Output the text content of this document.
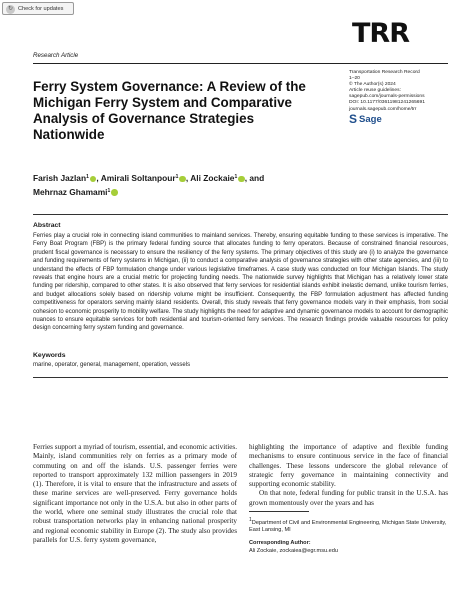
↻ Check for updates
Research Article
TRR
Transportation Research Record
1–20
© The Author(s) 2024
Article reuse guidelines:
sagepub.com/journals-permissions
DOI: 10.1177/03611981241265691
journals.sagepub.com/home/trr
S Sage
Ferry System Governance: A Review of the Michigan Ferry System and Comparative Analysis of Governance Strategies Nationwide
Farish Jazlan$^1$ , Amirali Soltanpour$^1$ , Ali Zockaie$^1$ , and
Mehrnaz Ghamami$^1$
Abstract
Ferries play a crucial role in connecting island communities to mainland services. Thereby, ensuring equitable funding to these services is imperative. The Ferry Boat Program (FBP) is the primary federal funding source that allocates funding to ferry operators. Because of constrained financial resources, prudent fiscal governance is necessary to ensure the resiliency of the ferry systems. The primary objectives of this study are (i) to analyze the governance and funding requirements of ferry systems in Michigan, (ii) to conduct a comparative analysis of governance strategies with other state agencies, and (iii) to understand the effects of FBP formulation change under various legislative timeframes. A case study was conducted on four Michigan Islands. The study reveals that engine hours are a crucial metric for projecting funding needs. The nationwide survey highlights that Michigan has a relatively lower state funding per ridership, compared to other states. It is also observed that ferry services for residential islands exhibit inelastic demand, unlike tourism ferries, and budget allocations solely based on ridership volume might be insufficient. Consequently, the FBP formulation adjustment has affected funding competitiveness for operators serving mainly island residents. Overall, this study reveals that ferry governance models vary in their emphasis, from social cohesion to economic prosperity to mobility welfare. The study highlights the need for adaptive and dynamic governance models to account for demographic nuances to ensure equitable services for both residential and tourism-oriented ferry services. The research findings provide valuable resources for policy design concerning ferry system funding and governance.
Keywords
marine, operator, general, management, operation, vessels

Ferries support a myriad of tourism, essential, and economic activities. Mainly, island communities rely on ferries as a primary mode of commuting on and off the islands. U.S. passenger ferries were reported to transport approximately 132 million passengers in 2019 (1). Therefore, it is vital to ensure that the infrastructure and assets of these marine services are well-preserved. Ferry governance holds significant importance not only in the U.S.A. but also in other parts of the world, where one seminal study illustrates the crucial role that robust transportation networks play in enhancing national prosperity and regional economic stability in Europe (2). The study also provides parallels for U.S. ferry system governance,

highlighting the importance of adaptive and flexible funding mechanisms to ensure continuous service in the face of financial challenges. These lessons underscore the global relevance of strategic ferry governance in maintaining connectivity and supporting economic stability.

On that note, federal funding for public transit in the U.S.A. has grown momentously over the years and has

1Department of Civil and Environmental Engineering, Michigan State University, East Lansing, MI
Corresponding Author:
Ali Zockaie, zockaiea@egr.msu.edu
